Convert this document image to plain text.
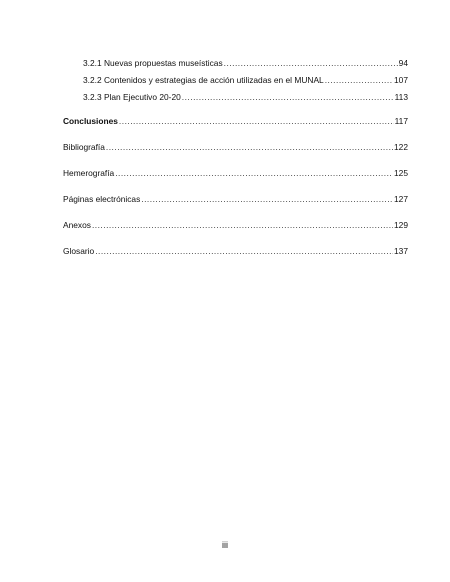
3.2.1 Nuevas propuestas museísticas .....	94
3.2.2 Contenidos y estrategias de acción utilizadas en el MUNAL .....	107
3.2.3 Plan Ejecutivo 20-20 .....	113
Conclusiones .....	117
Bibliografía .....	122
Hemerografía .....	125
Páginas electrónicas .....	127
Anexos .....	129
Glosario .....	137
iii
